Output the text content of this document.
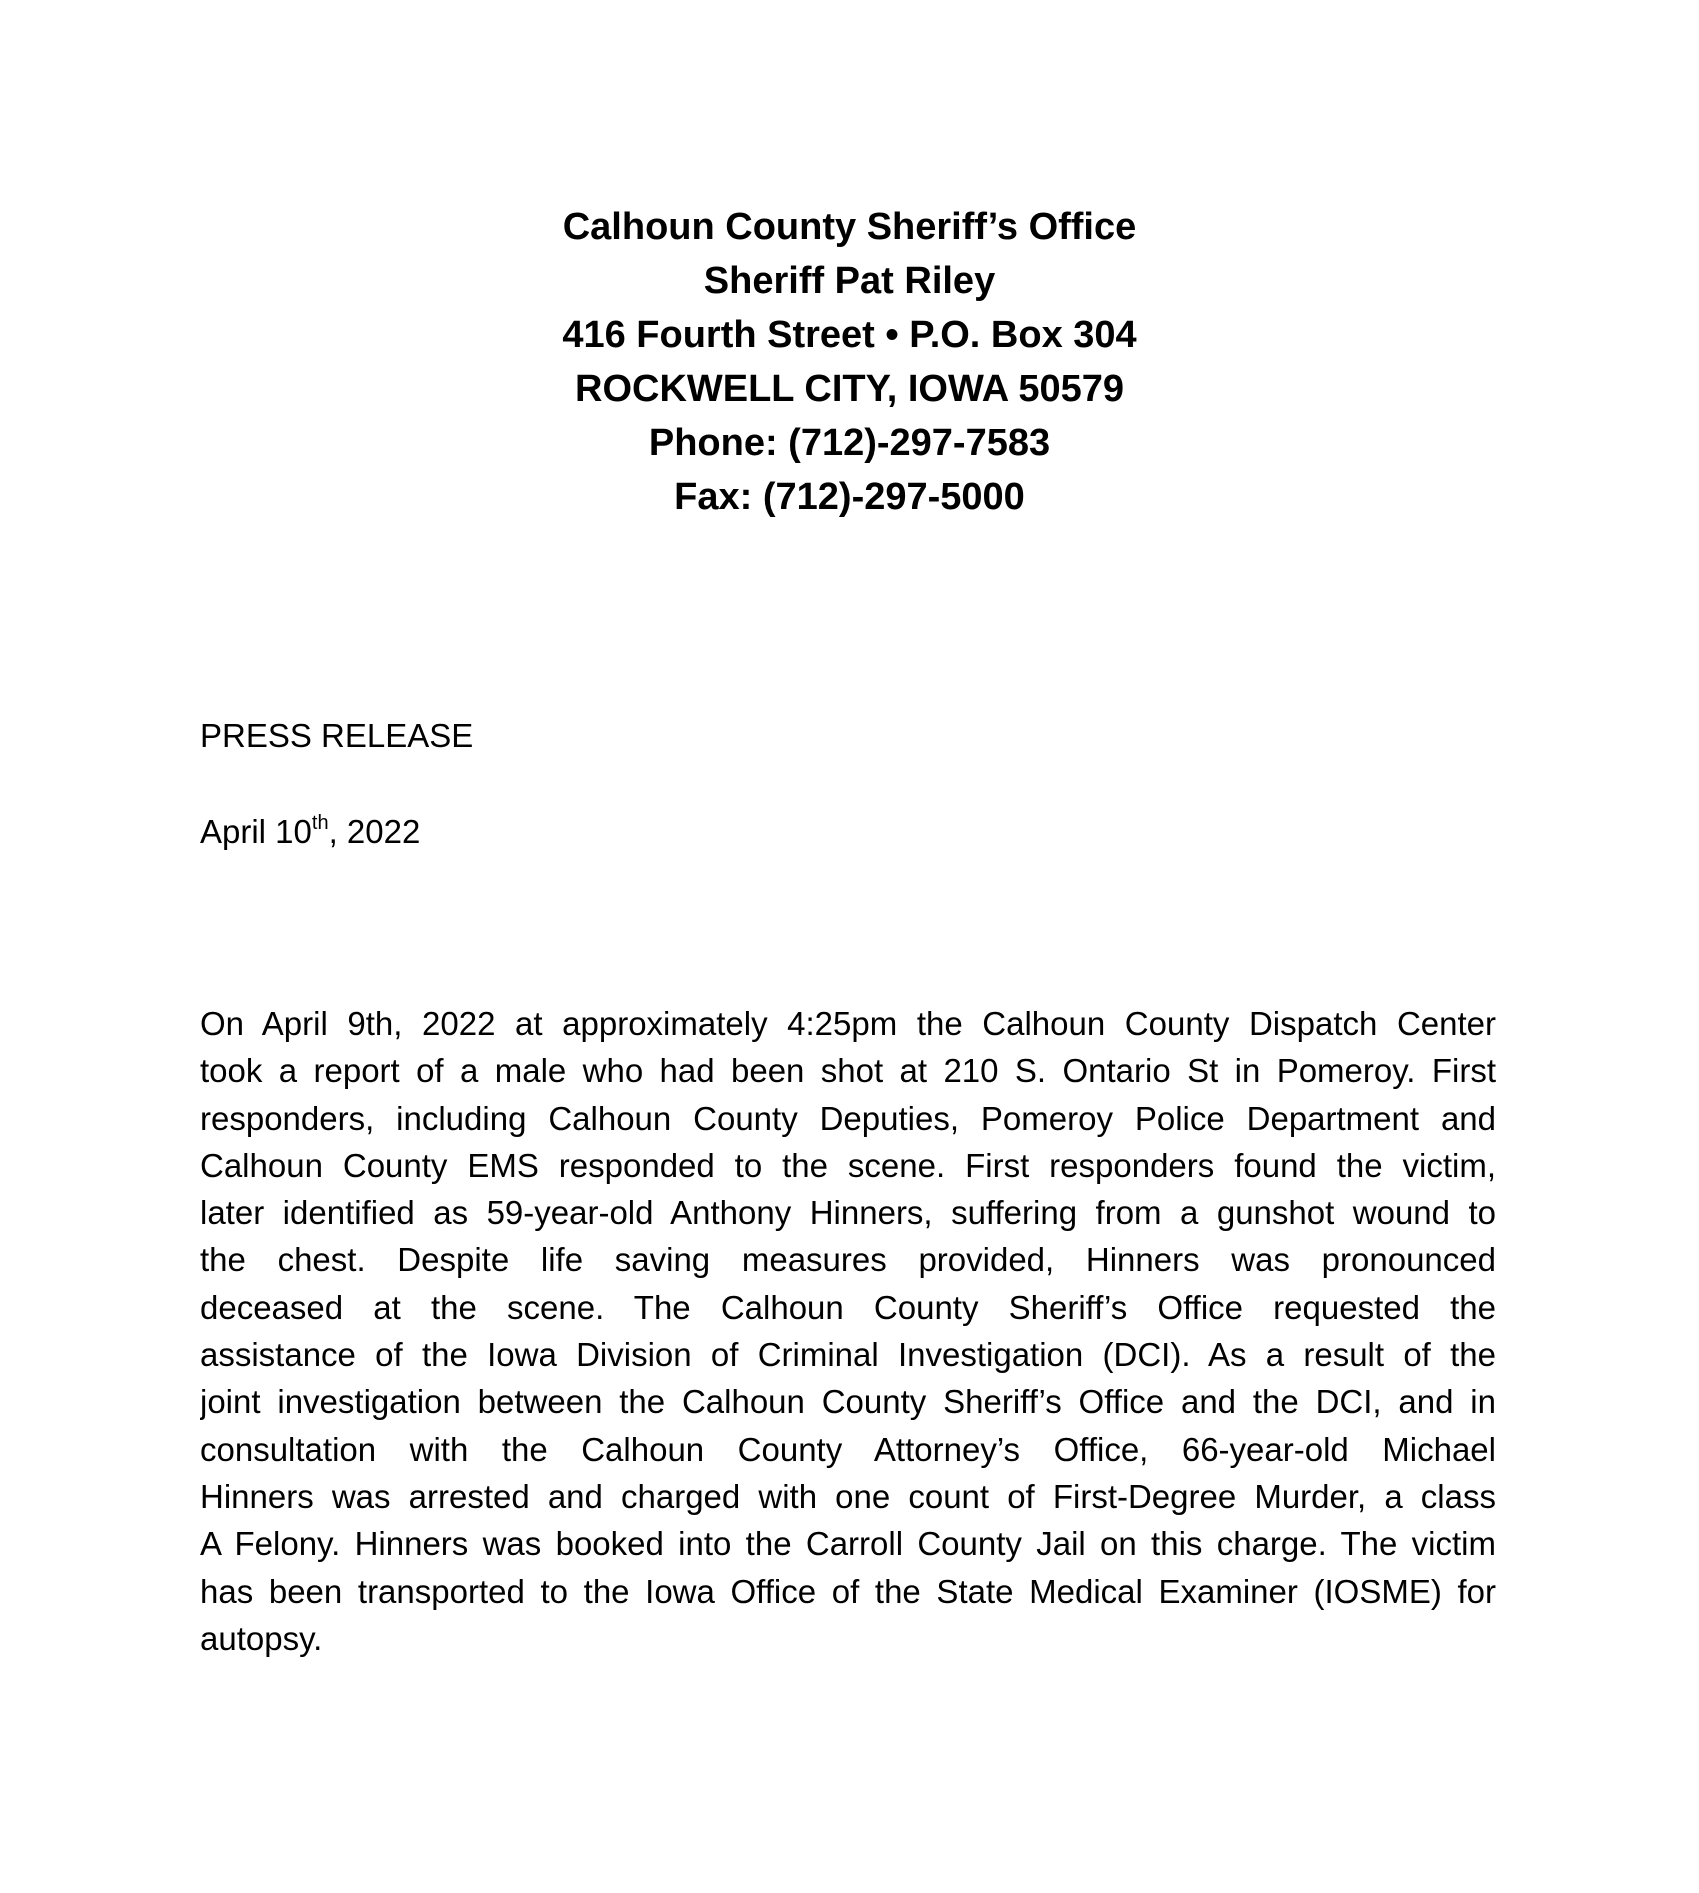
Calhoun County Sheriff’s Office
Sheriff Pat Riley
416 Fourth Street • P.O. Box 304
ROCKWELL CITY, IOWA 50579
Phone: (712)-297-7583
Fax: (712)-297-5000
PRESS RELEASE
April 10th, 2022
On April 9th, 2022 at approximately 4:25pm the Calhoun County Dispatch Center
took a report of a male who had been shot at 210 S. Ontario St in Pomeroy. First
responders, including Calhoun County Deputies, Pomeroy Police Department and
Calhoun County EMS responded to the scene. First responders found the victim,
later identified as 59-year-old Anthony Hinners, suffering from a gunshot wound to
the chest. Despite life saving measures provided, Hinners was pronounced
deceased at the scene. The Calhoun County Sheriff’s Office requested the
assistance of the Iowa Division of Criminal Investigation (DCI). As a result of the
joint investigation between the Calhoun County Sheriff’s Office and the DCI, and in
consultation with the Calhoun County Attorney’s Office, 66-year-old Michael
Hinners was arrested and charged with one count of First-Degree Murder, a class
A Felony. Hinners was booked into the Carroll County Jail on this charge. The victim
has been transported to the Iowa Office of the State Medical Examiner (IOSME) for
autopsy.
